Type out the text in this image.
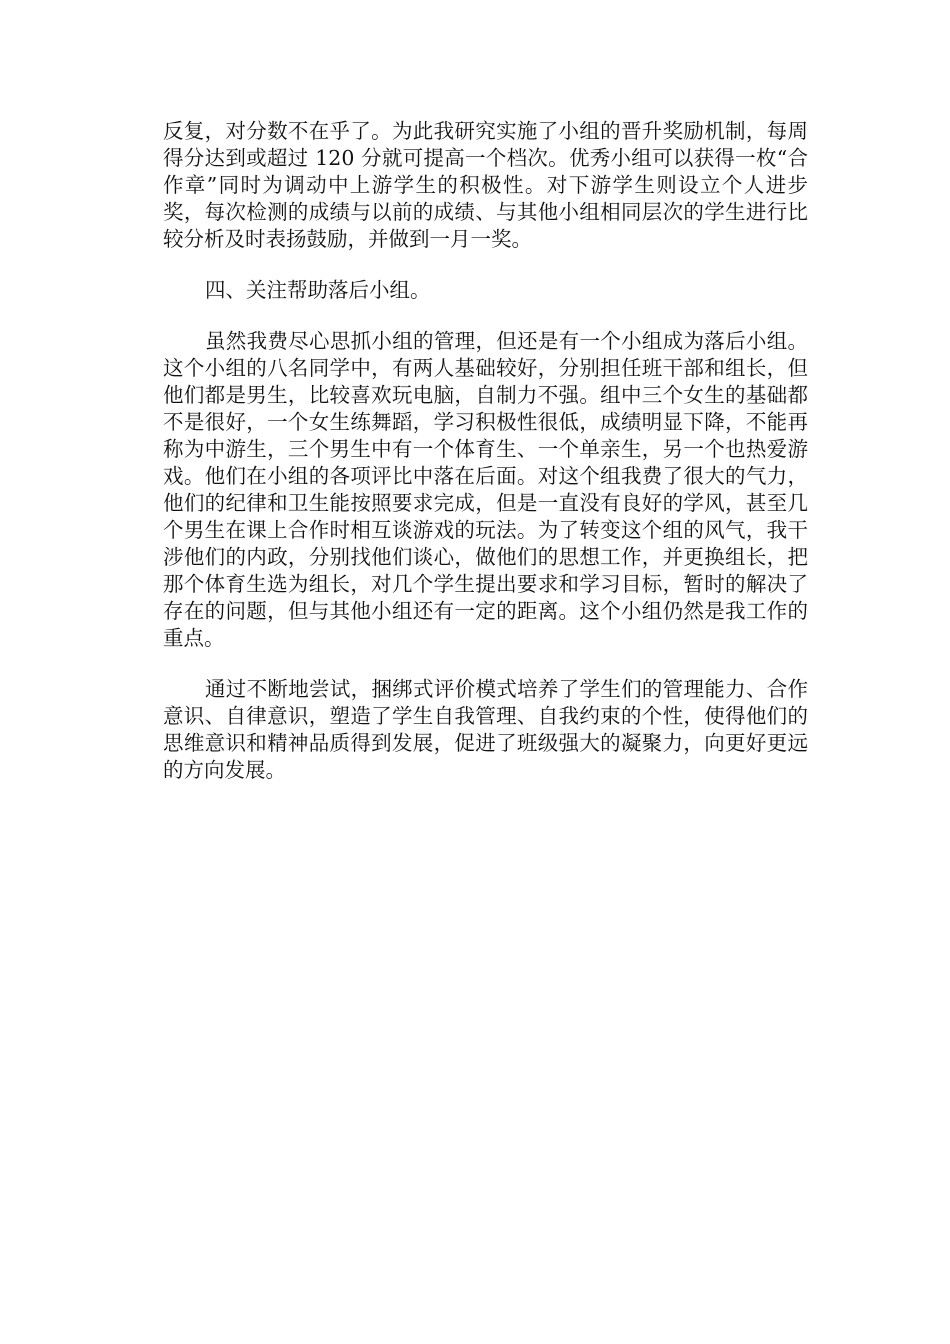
反复，对分数不在乎了。为此我研究实施了小组的晋升奖励机制，每周得分达到或超过 120 分就可提高一个档次。优秀小组可以获得一枚“合作章”同时为调动中上游学生的积极性。对下游学生则设立个人进步奖，每次检测的成绩与以前的成绩、与其他小组相同层次的学生进行比较分析及时表扬鼓励，并做到一月一奖。

四、关注帮助落后小组。

虽然我费尽心思抓小组的管理，但还是有一个小组成为落后小组。这个小组的八名同学中，有两人基础较好，分别担任班干部和组长，但他们都是男生，比较喜欢玩电脑，自制力不强。组中三个女生的基础都不是很好，一个女生练舞蹈，学习积极性很低，成绩明显下降，不能再称为中游生，三个男生中有一个体育生、一个单亲生，另一个也热爱游戏。他们在小组的各项评比中落在后面。对这个组我费了很大的气力，他们的纪律和卫生能按照要求完成，但是一直没有良好的学风，甚至几个男生在课上合作时相互谈游戏的玩法。为了转变这个组的风气，我干涉他们的内政，分别找他们谈心，做他们的思想工作，并更换组长，把那个体育生选为组长，对几个学生提出要求和学习目标，暂时的解决了存在的问题，但与其他小组还有一定的距离。这个小组仍然是我工作的重点。

通过不断地尝试，捆绑式评价模式培养了学生们的管理能力、合作意识、自律意识，塑造了学生自我管理、自我约束的个性，使得他们的思维意识和精神品质得到发展，促进了班级强大的凝聚力，向更好更远的方向发展。
